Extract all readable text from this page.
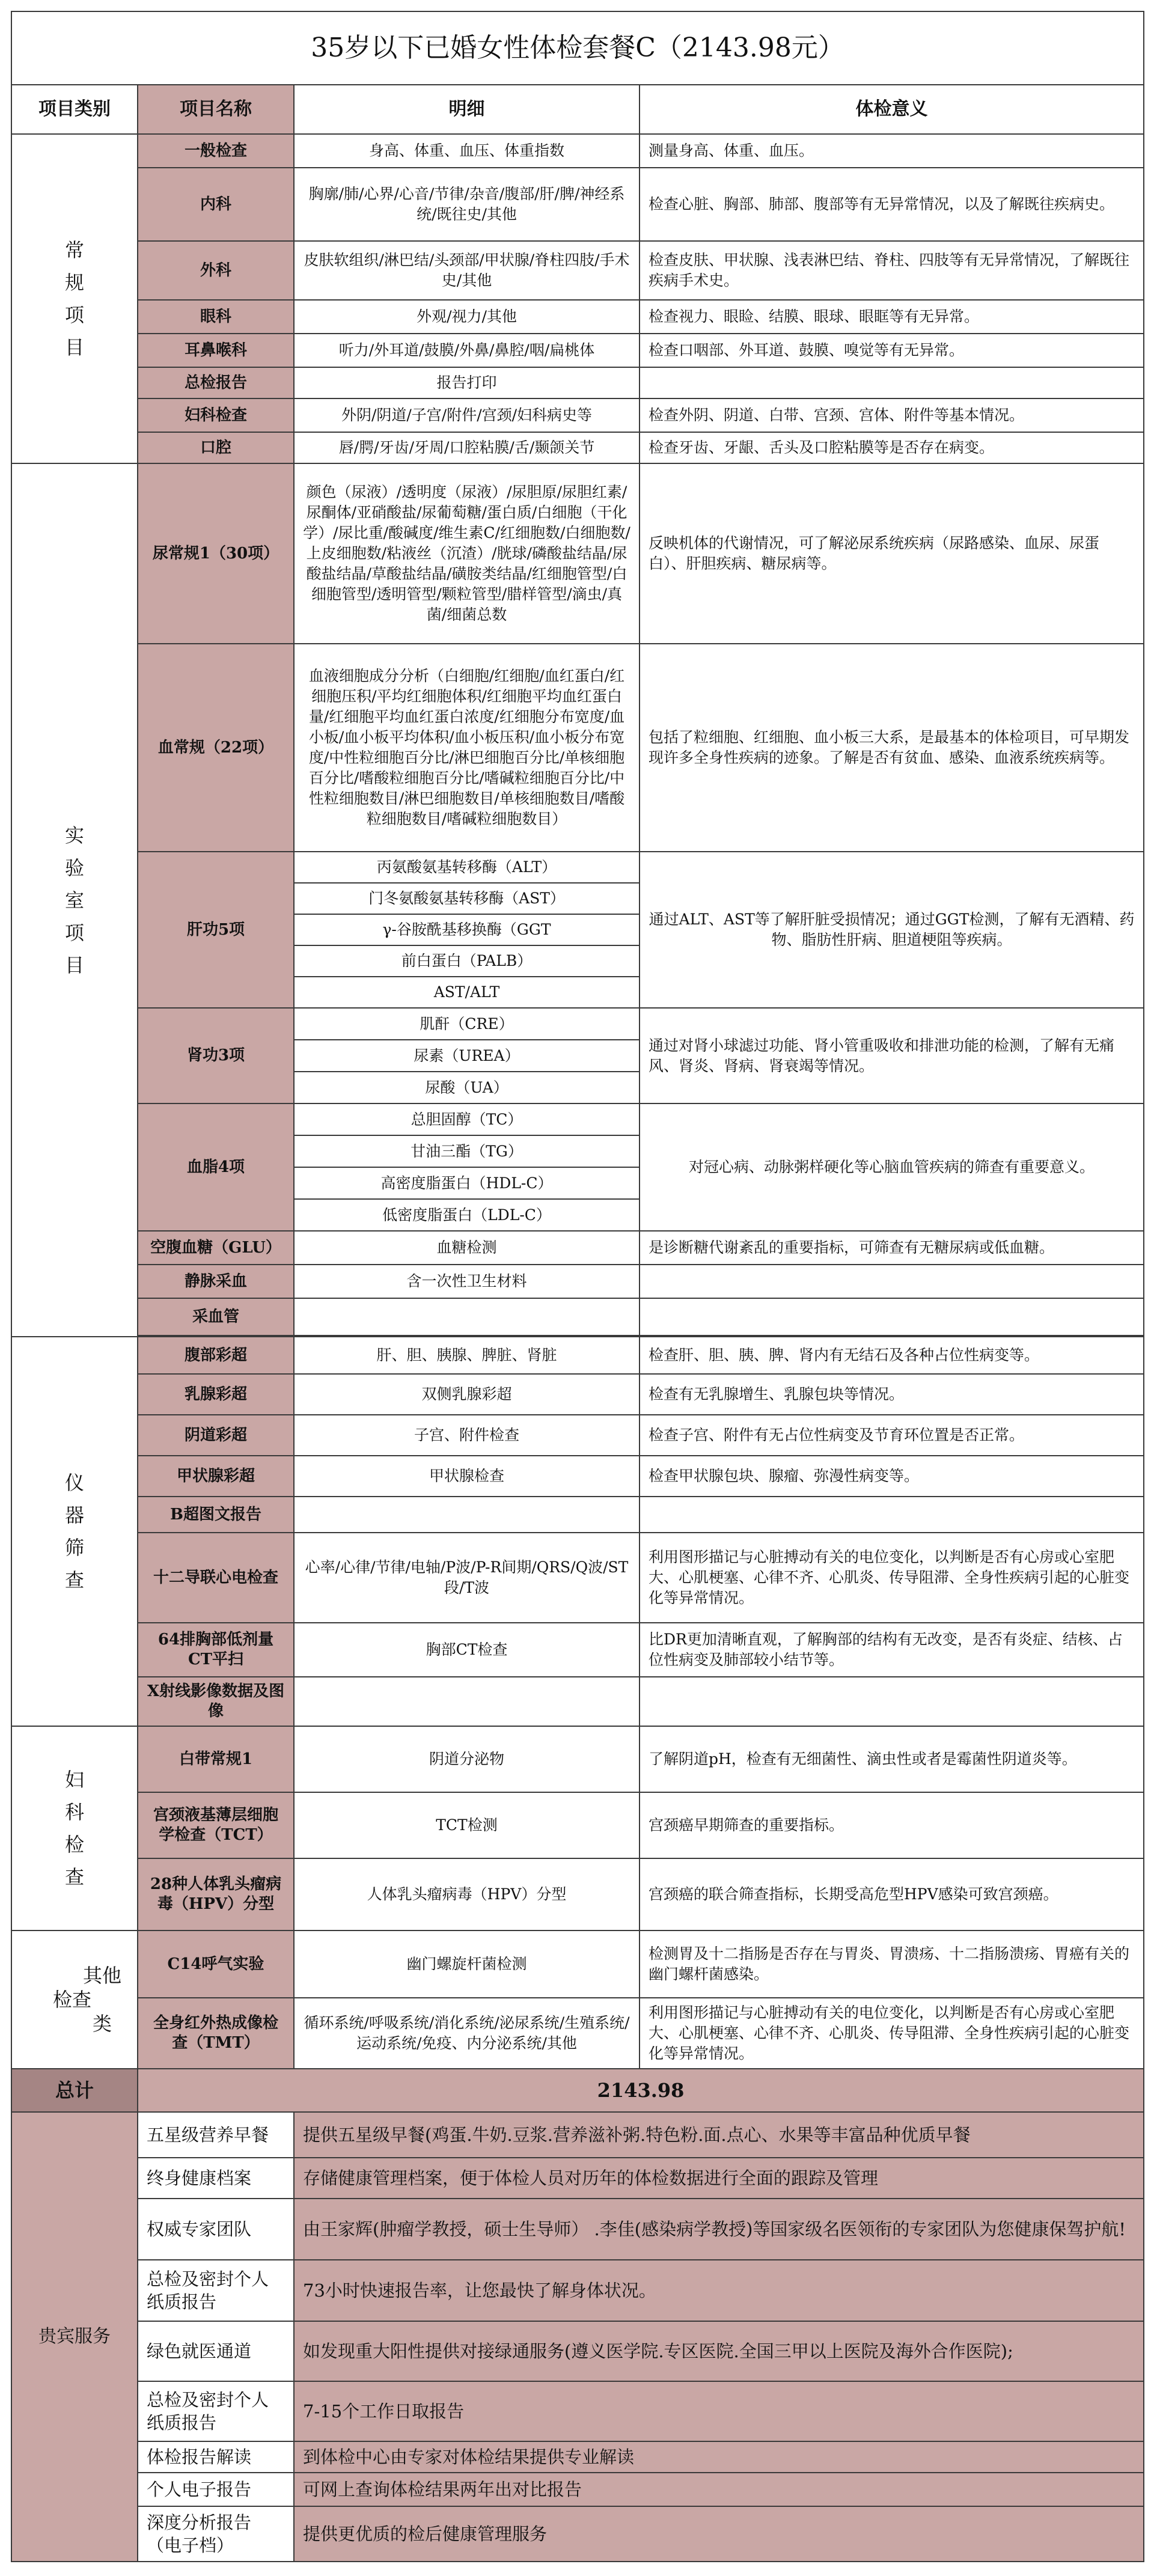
35岁以下已婚女性体检套餐C（2143.98元）			
项目类别	项目名称	明细	体检意义
常
规
项
目	一般检查	身高、体重、血压、体重指数	测量身高、体重、血压。
	内科	胸廓/肺/心界/心音/节律/杂音/腹部/肝/脾/神经系统/既往史/其他	检查心脏、胸部、肺部、腹部等有无异常情况，以及了解既往疾病史。
	外科	皮肤软组织/淋巴结/头颈部/甲状腺/脊柱四肢/手术史/其他	检查皮肤、甲状腺、浅表淋巴结、脊柱、四肢等有无异常情况，了解既往疾病手术史。
	眼科	外观/视力/其他	检查视力、眼睑、结膜、眼球、眼眶等有无异常。
	耳鼻喉科	听力/外耳道/鼓膜/外鼻/鼻腔/咽/扁桃体	检查口咽部、外耳道、鼓膜、嗅觉等有无异常。
	总检报告	报告打印	
	妇科检查	外阴/阴道/子宫/附件/宫颈/妇科病史等	检查外阴、阴道、白带、宫颈、宫体、附件等基本情况。
	口腔	唇/腭/牙齿/牙周/口腔粘膜/舌/颞颌关节	检查牙齿、牙龈、舌头及口腔粘膜等是否存在病变。
实
验
室
项
目	尿常规1（30项）	颜色（尿液）/透明度（尿液）/尿胆原/尿胆红素/尿酮体/亚硝酸盐/尿葡萄糖/蛋白质/白细胞（干化学）/尿比重/酸碱度/维生素C/红细胞数/白细胞数/上皮细胞数/粘液丝（沉渣）/胱球/磷酸盐结晶/尿酸盐结晶/草酸盐结晶/磺胺类结晶/红细胞管型/白细胞管型/透明管型/颗粒管型/腊样管型/滴虫/真菌/细菌总数	反映机体的代谢情况，可了解泌尿系统疾病（尿路感染、血尿、尿蛋白）、肝胆疾病、糖尿病等。
	血常规（22项）	血液细胞成分分析（白细胞/红细胞/血红蛋白/红细胞压积/平均红细胞体积/红细胞平均血红蛋白量/红细胞平均血红蛋白浓度/红细胞分布宽度/血小板/血小板平均体积/血小板压积/血小板分布宽度/中性粒细胞百分比/淋巴细胞百分比/单核细胞百分比/嗜酸粒细胞百分比/嗜碱粒细胞百分比/中性粒细胞数目/淋巴细胞数目/单核细胞数目/嗜酸粒细胞数目/嗜碱粒细胞数目）	包括了粒细胞、红细胞、血小板三大系，是最基本的体检项目，可早期发现许多全身性疾病的迹象。了解是否有贫血、感染、血液系统疾病等。
	肝功5项	丙氨酸氨基转移酶（ALT）	通过ALT、AST等了解肝脏受损情况；通过GGT检测，了解有无酒精、药物、脂肪性肝病、胆道梗阻等疾病。
		门冬氨酸氨基转移酶（AST）	
		γ-谷胺酰基移换酶（GGT	
		前白蛋白（PALB）	
		AST/ALT	
	肾功3项	肌酐（CRE）	通过对肾小球滤过功能、肾小管重吸收和排泄功能的检测，了解有无痛风、肾炎、肾病、肾衰竭等情况。
		尿素（UREA）	
		尿酸（UA）	
	血脂4项	总胆固醇（TC）	对冠心病、动脉粥样硬化等心脑血管疾病的筛查有重要意义。
		甘油三酯（TG）	
		高密度脂蛋白（HDL-C）	
		低密度脂蛋白（LDL-C）	
	空腹血糖（GLU）	血糖检测	是诊断糖代谢紊乱的重要指标，可筛查有无糖尿病或低血糖。
	静脉采血	含一次性卫生材料	
	采血管		

仪
器
筛
查	腹部彩超	肝、胆、胰腺、脾脏、肾脏	检查肝、胆、胰、脾、肾内有无结石及各种占位性病变等。
	乳腺彩超	双侧乳腺彩超	检查有无乳腺增生、乳腺包块等情况。
	阴道彩超	子宫、附件检查	检查子宫、附件有无占位性病变及节育环位置是否正常。
	甲状腺彩超	甲状腺检查	检查甲状腺包块、腺瘤、弥漫性病变等。
	B超图文报告		
	十二导联心电检查	心率/心律/节律/电轴/P波/P-R间期/QRS/Q波/ST段/T波	利用图形描记与心脏搏动有关的电位变化，以判断是否有心房或心室肥大、心肌梗塞、心律不齐、心肌炎、传导阻滞、全身性疾病引起的心脏变化等异常情况。
	64排胸部低剂量CT平扫	胸部CT检查	比DR更加清晰直观，了解胸部的结构有无改变，是否有炎症、结核、占位性病变及肺部较小结节等。
	X射线影像数据及图像		
妇
科
检
查	白带常规1	阴道分泌物	了解阴道pH，检查有无细菌性、滴虫性或者是霉菌性阴道炎等。
	宫颈液基薄层细胞学检查（TCT）	TCT检测	宫颈癌早期筛查的重要指标。
	28种人体乳头瘤病毒（HPV）分型	人体乳头瘤病毒（HPV）分型	宫颈癌的联合筛查指标，长期受高危型HPV感染可致宫颈癌。

其他
检查
类	C14呼气实验	幽门螺旋杆菌检测	检测胃及十二指肠是否存在与胃炎、胃溃疡、十二指肠溃疡、胃癌有关的幽门螺杆菌感染。
	全身红外热成像检查（TMT）	循环系统/呼吸系统/消化系统/泌尿系统/生殖系统/运动系统/免疫、内分泌系统/其他	利用图形描记与心脏搏动有关的电位变化，以判断是否有心房或心室肥大、心肌梗塞、心律不齐、心肌炎、传导阻滞、全身性疾病引起的心脏变化等异常情况。
总计	2143.98		
贵宾服务	五星级营养早餐	提供五星级早餐(鸡蛋.牛奶.豆浆.营养滋补粥.特色粉.面.点心、水果等丰富品种优质早餐	
	终身健康档案	存储健康管理档案，便于体检人员对历年的体检数据进行全面的跟踪及管理	
	权威专家团队	由王家辉(肿瘤学教授，硕士生导师） .李佳(感染病学教授)等国家级名医领衔的专家团队为您健康保驾护航!	
	总检及密封个人纸质报告	73小时快速报告率，让您最快了解身体状况。	
	绿色就医通道	如发现重大阳性提供对接绿通服务(遵义医学院.专区医院.全国三甲以上医院及海外合作医院);	
	总检及密封个人纸质报告	7-15个工作日取报告	
	体检报告解读	到体检中心由专家对体检结果提供专业解读	
	个人电子报告	可网上查询体检结果两年出对比报告	
	深度分析报告（电子档）	提供更优质的检后健康管理服务	
